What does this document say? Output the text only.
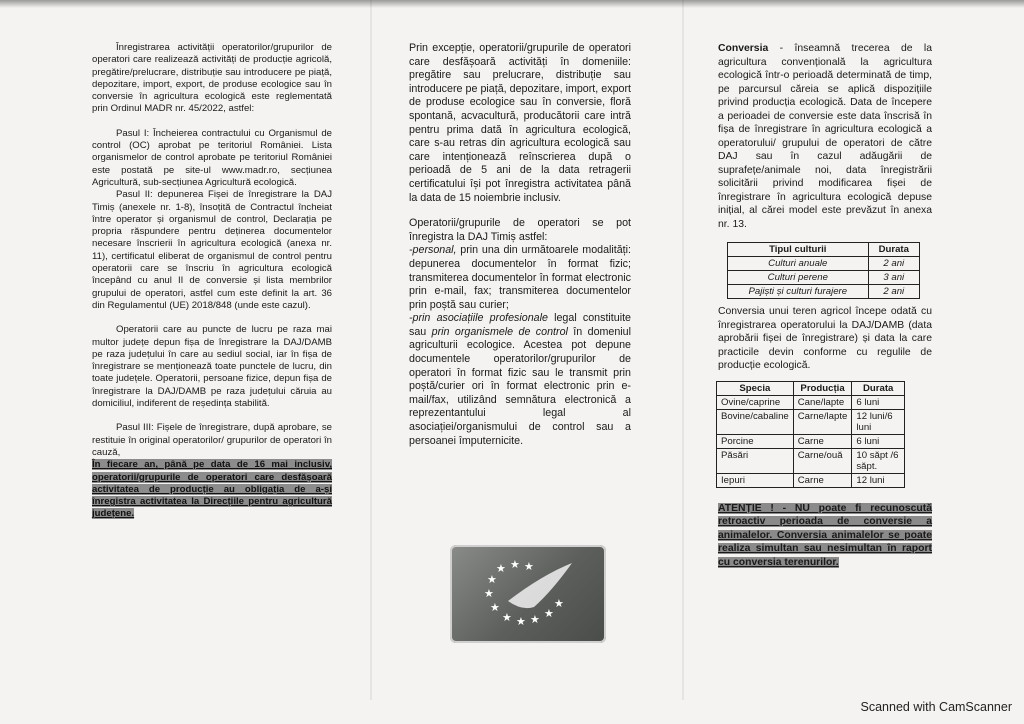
Înregistrarea activității operatorilor/grupurilor de operatori care realizează activități de producție agricolă, pregătire/prelucrare, distribuție sau introducere pe piață, depozitare, import, export, de produse ecologice sau în conversie în agricultura ecologică este reglementată prin Ordinul MADR nr. 45/2022, astfel:

Pasul I: Încheierea contractului cu Organismul de control (OC) aprobat pe teritoriul României. Lista organismelor de control aprobate pe teritoriul României este postată pe site-ul www.madr.ro, secțiunea Agricultură, sub-secțiunea Agricultură ecologică.

Pasul II: depunerea Fișei de înregistrare la DAJ Timiș (anexele nr. 1-8), însoțită de Contractul încheiat între operator și organismul de control, Declarația pe propria răspundere pentru deținerea documentelor necesare înscrierii în agricultura ecologică (anexa nr. 11), certificatul eliberat de organismul de control pentru operatorii care se înscriu în agricultura ecologică începând cu anul II de conversie și lista membrilor grupului de operatori, astfel cum este definit la art. 36 din Regulamentul (UE) 2018/848 (unde este cazul).

Operatorii care au puncte de lucru pe raza mai multor județe depun fișa de înregistrare la DAJ/DAMB pe raza județului în care au sediul social, iar în fișa de înregistrare se menționează toate punctele de lucru, din toate județele. Operatorii, persoane fizice, depun fișa de înregistrare la DAJ/DAMB pe raza județului căruia au domiciliul, indiferent de reședința stabilită.

Pasul III: Fișele de înregistrare, după aprobare, se restituie în original operatorilor/ grupurilor de operatori în cauză,

În fiecare an, până pe data de 16 mai inclusiv, operatorii/grupurile de operatori care desfășoară activitatea de producție au obligația de a-și înregistra activitatea la Direcțiile pentru agricultură județene.

Prin excepție, operatorii/grupurile de operatori care desfășoară activități în domeniile: pregătire sau prelucrare, distribuție sau introducere pe piață, depozitare, import, export de produse ecologice sau în conversie, floră spontană, acvacultură, producătorii care intră pentru prima dată în agricultura ecologică, care s-au retras din agricultura ecologică sau care intenționează reînscrierea după o perioadă de 5 ani de la data retragerii certificatului își pot înregistra activitatea până la data de 15 noiembrie inclusiv.

Operatorii/grupurile de operatori se pot înregistra la DAJ Timiș astfel:

-personal, prin una din următoarele modalități: depunerea documentelor în format fizic; transmiterea documentelor în format electronic prin e-mail, fax; transmiterea documentelor prin poștă sau curier;

-prin asociațiile profesionale legal constituite sau prin organismele de control în domeniul agriculturii ecologice. Acestea pot depune documentele operatorilor/grupurilor de operatori în format fizic sau le transmit prin poștă/curier ori în format electronic prin e-mail/fax, utilizând semnătura electronică a reprezentantului legal al asociației/organismului de control sau a persoanei împuternicite.

★ ★ ★
★
★
★
★ ★ ★ ★
★

Conversia - înseamnă trecerea de la agricultura convențională la agricultura ecologică într-o perioadă determinată de timp, pe parcursul căreia se aplică dispozițiile privind producția ecologică. Data de începere a perioadei de conversie este data înscrisă în fișa de înregistrare în agricultura ecologică a operatorului/ grupului de operatori de către DAJ sau în cazul adăugării de suprafețe/animale noi, data înregistrării solicitării privind modificarea fișei de înregistrare în agricultura ecologică depuse inițial, al cărei model este prevăzut în anexa nr. 13.

Tipul culturii	Durata
Culturi anuale	2 ani
Culturi perene	3 ani
Pajiști și culturi furajere	2 ani

Conversia unui teren agricol începe odată cu înregistrarea operatorului la DAJ/DAMB (data aprobării fișei de înregistrare) și data la care practicile devin conforme cu regulile de producție ecologică.

Specia	Producția	Durata
Ovine/caprine	Cane/lapte	6 luni
Bovine/cabaline	Carne/lapte	12 luni/6 luni
Porcine	Carne	6 luni
Păsări	Carne/ouă	10 săpt /6 săpt.
Iepuri	Carne	12 luni

ATENȚIE ! - NU poate fi recunoscută retroactiv perioada de conversie a animalelor. Conversia animalelor se poate realiza simultan sau nesimultan în raport cu conversia terenurilor.

Scanned with CamScanner
